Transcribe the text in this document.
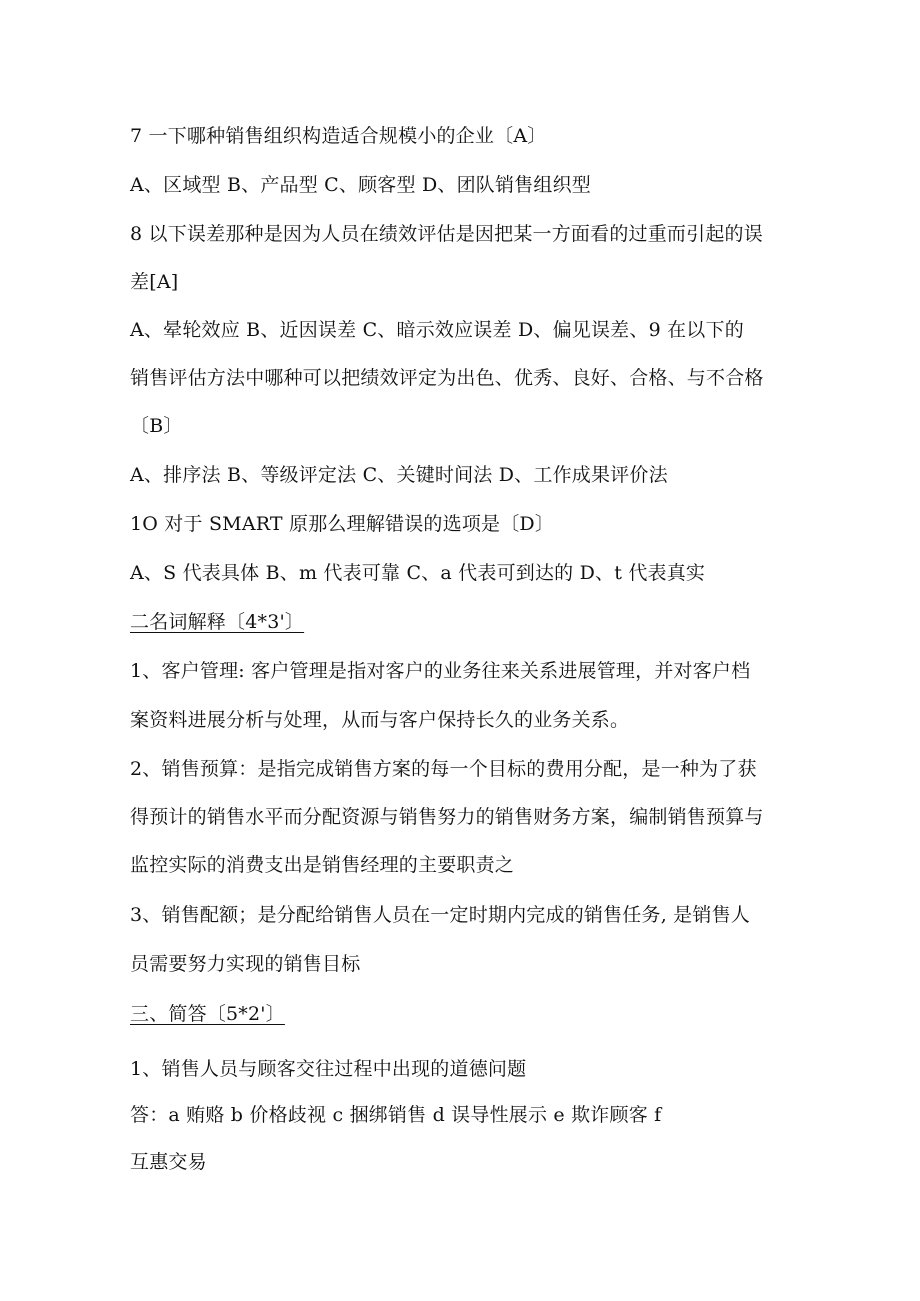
7 一下哪种销售组织构造适合规模小的企业〔A〕
A、区域型 B、产品型 C、顾客型 D、团队销售组织型
8 以下误差那种是因为人员在绩效评估是因把某一方面看的过重而引起的误
差[A]
A、晕轮效应 B、近因误差 C、暗示效应误差 D、偏见误差、9 在以下的
销售评估方法中哪种可以把绩效评定为出色、优秀、良好、合格、与不合格
〔B〕
A、排序法 B、等级评定法 C、关键时间法 D、工作成果评价法
1O 对于 SMART 原那么理解错误的选项是〔D〕
A、S 代表具体 B、m 代表可靠 C、a 代表可到达的 D、t 代表真实
二名词解释〔4*3'〕
1、客户管理: 客户管理是指对客户的业务往来关系进展管理，并对客户档
案资料进展分析与处理，从而与客户保持长久的业务关系。
2、销售预算：是指完成销售方案的每一个目标的费用分配，是一种为了获
得预计的销售水平而分配资源与销售努力的销售财务方案，编制销售预算与
监控实际的消费支出是销售经理的主要职责之
3、销售配额；是分配给销售人员在一定时期内完成的销售任务, 是销售人
员需要努力实现的销售目标
三、简答〔5*2'〕
1、销售人员与顾客交往过程中出现的道德问题
答：a 贿赂 b 价格歧视 c 捆绑销售 d 误导性展示 e 欺诈顾客 f
互惠交易
